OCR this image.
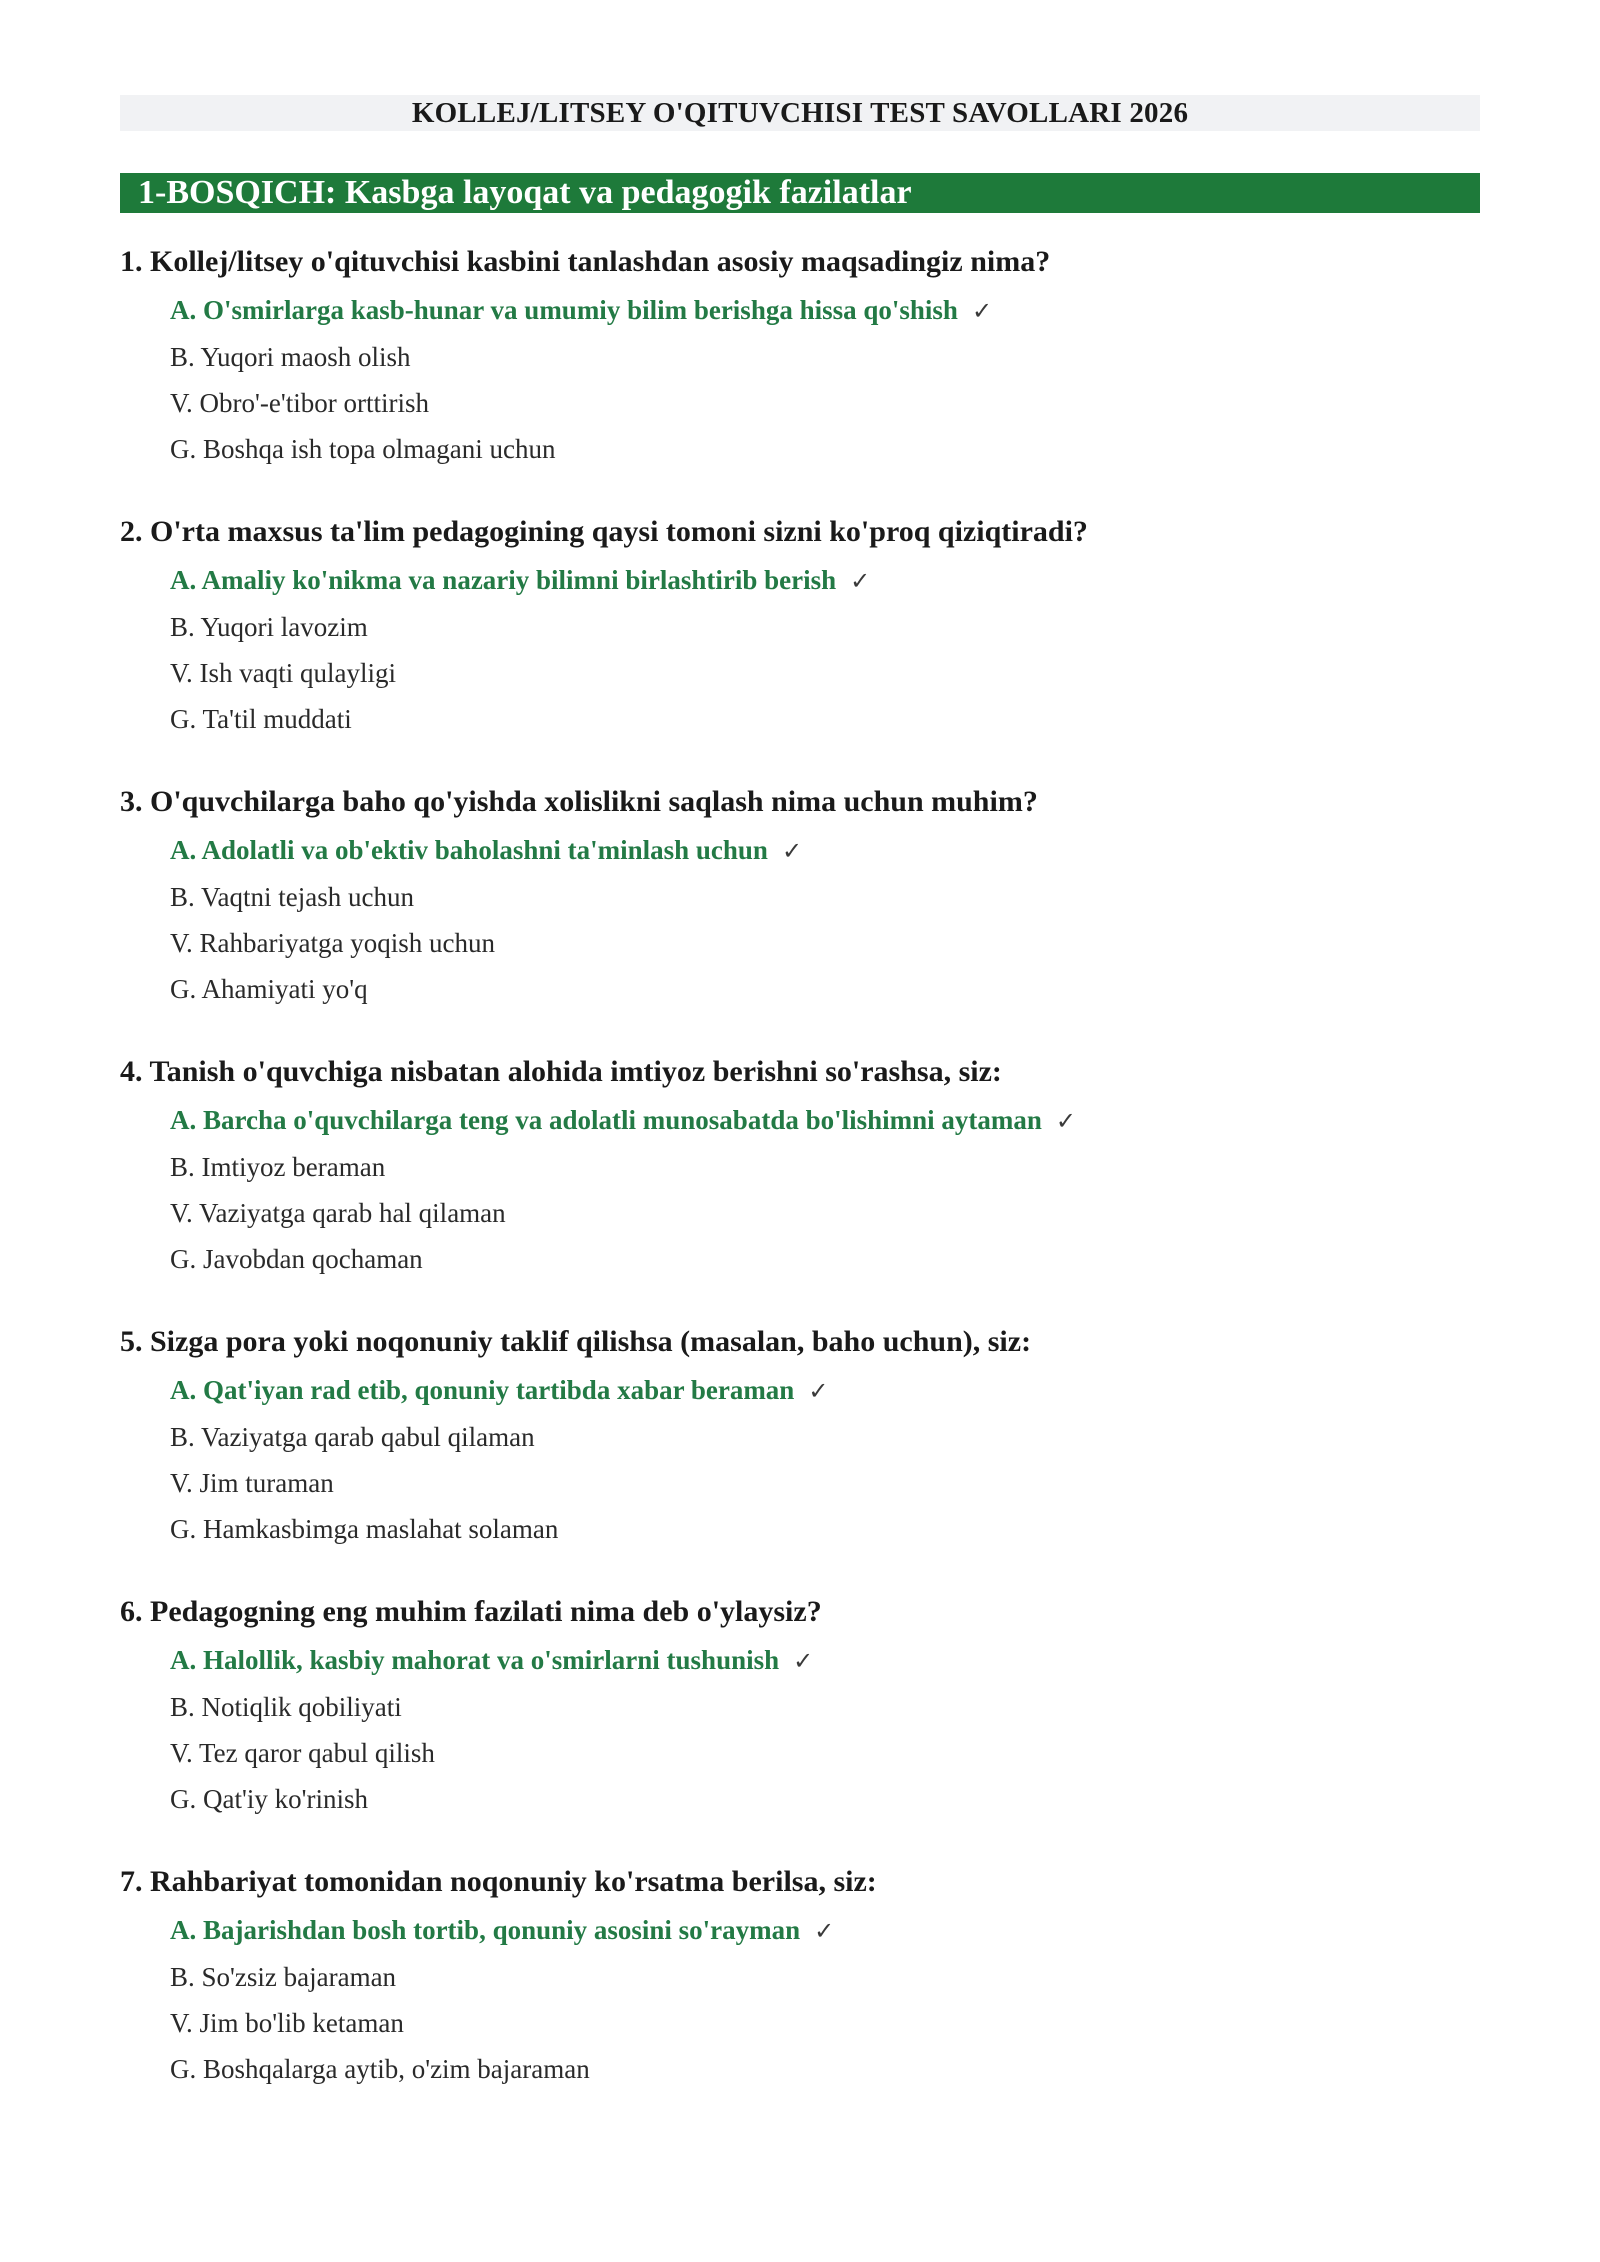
KOLLEJ/LITSEY O'QITUVCHISI TEST SAVOLLARI 2026
1-BOSQICH: Kasbga layoqat va pedagogik fazilatlar

1. Kollej/litsey o'qituvchisi kasbini tanlashdan asosiy maqsadingiz nima?

A. O'smirlarga kasb-hunar va umumiy bilim berishga hissa qo'shish ✓
B. Yuqori maosh olish
V. Obro'-e'tibor orttirish
G. Boshqa ish topa olmagani uchun

2. O'rta maxsus ta'lim pedagogining qaysi tomoni sizni ko'proq qiziqtiradi?

A. Amaliy ko'nikma va nazariy bilimni birlashtirib berish ✓
B. Yuqori lavozim
V. Ish vaqti qulayligi
G. Ta'til muddati

3. O'quvchilarga baho qo'yishda xolislikni saqlash nima uchun muhim?

A. Adolatli va ob'ektiv baholashni ta'minlash uchun ✓
B. Vaqtni tejash uchun
V. Rahbariyatga yoqish uchun
G. Ahamiyati yo'q

4. Tanish o'quvchiga nisbatan alohida imtiyoz berishni so'rashsa, siz:

A. Barcha o'quvchilarga teng va adolatli munosabatda bo'lishimni aytaman ✓
B. Imtiyoz beraman
V. Vaziyatga qarab hal qilaman
G. Javobdan qochaman

5. Sizga pora yoki noqonuniy taklif qilishsa (masalan, baho uchun), siz:

A. Qat'iyan rad etib, qonuniy tartibda xabar beraman ✓
B. Vaziyatga qarab qabul qilaman
V. Jim turaman
G. Hamkasbimga maslahat solaman

6. Pedagogning eng muhim fazilati nima deb o'ylaysiz?

A. Halollik, kasbiy mahorat va o'smirlarni tushunish ✓
B. Notiqlik qobiliyati
V. Tez qaror qabul qilish
G. Qat'iy ko'rinish

7. Rahbariyat tomonidan noqonuniy ko'rsatma berilsa, siz:

A. Bajarishdan bosh tortib, qonuniy asosini so'rayman ✓
B. So'zsiz bajaraman
V. Jim bo'lib ketaman
G. Boshqalarga aytib, o'zim bajaraman
